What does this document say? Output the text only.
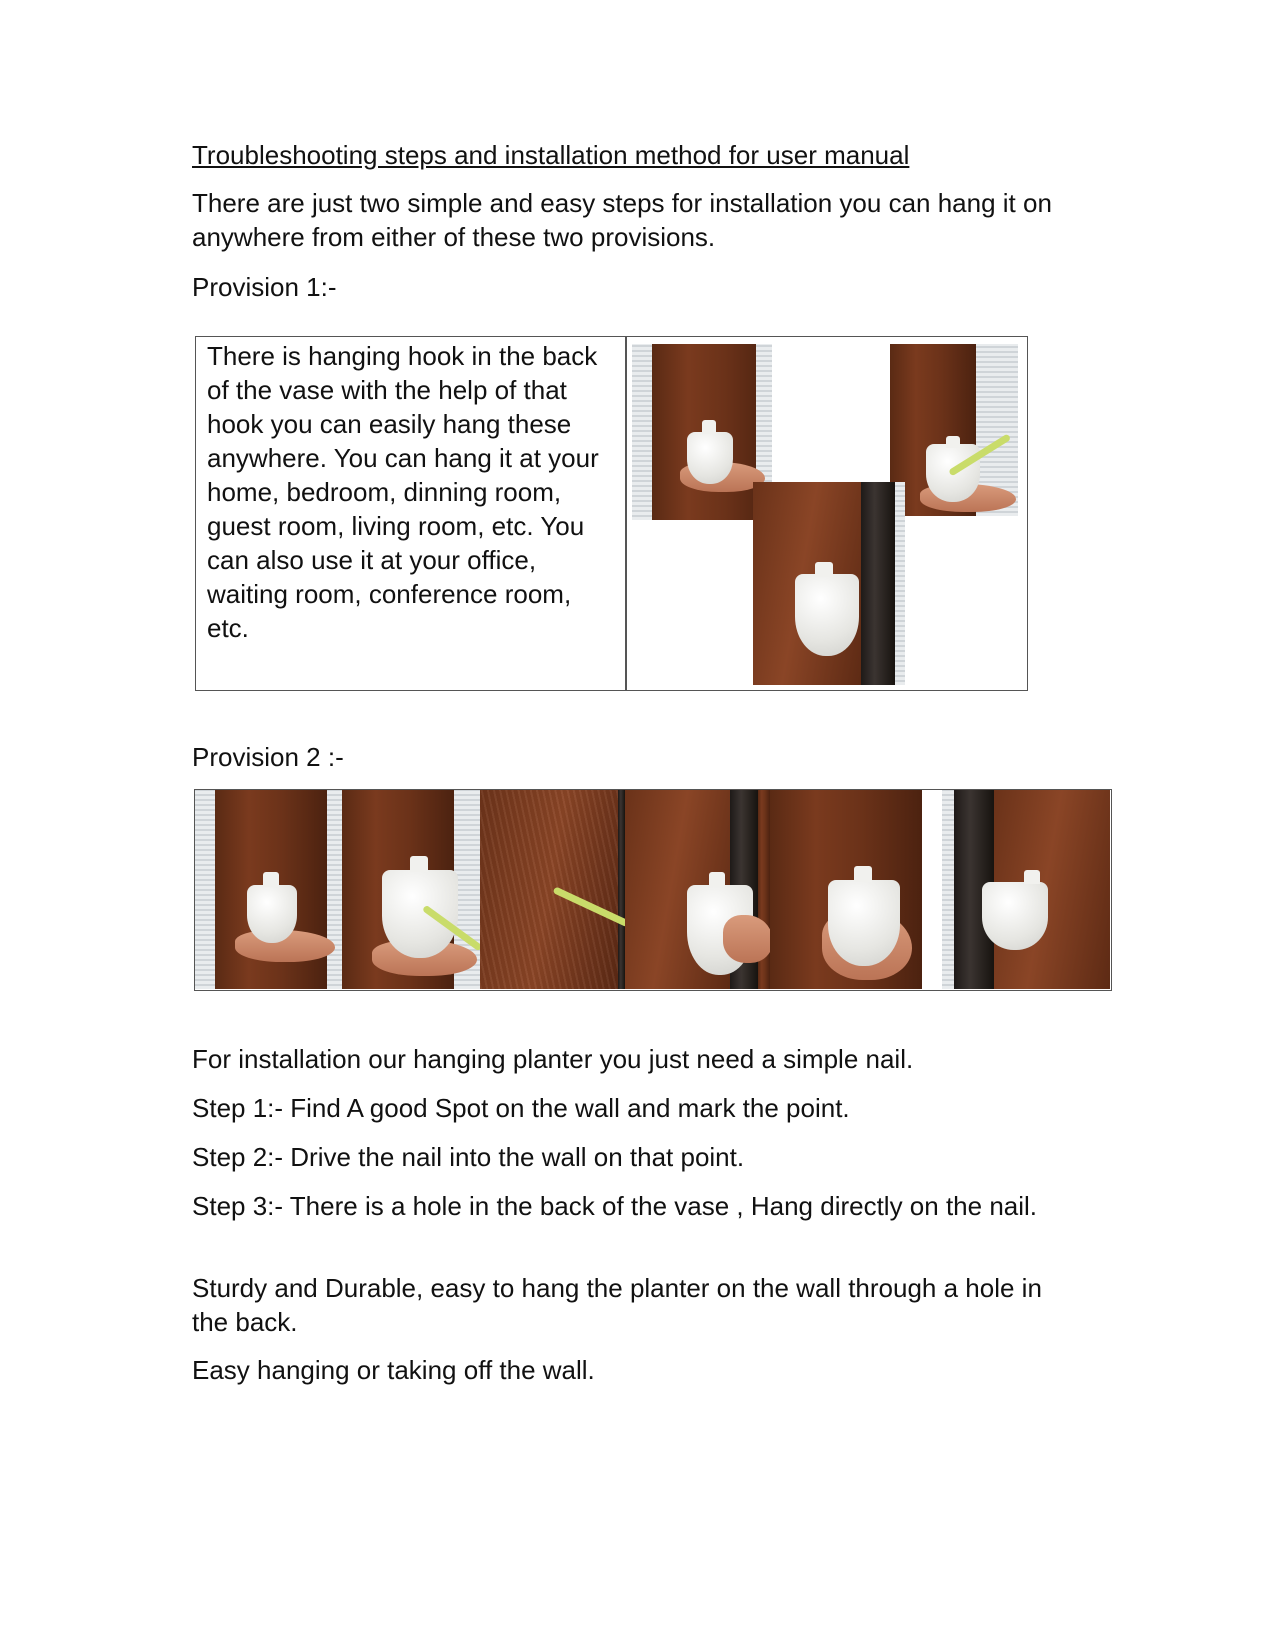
Troubleshooting steps and installation method for user manual
There are just two simple and easy steps for installation you can hang it on anywhere from either of these two provisions.
Provision 1:-
There is hanging hook in the back of the vase with the help of that hook you can easily hang these anywhere. You can hang it at your home, bedroom, dinning room, guest room, living room, etc. You can also use it at your office, waiting room, conference room, etc.
Provision 2 :-
For installation our hanging planter you just need a simple nail.
Step 1:- Find A good Spot on the wall and mark the point.
Step 2:- Drive the nail into the wall on that point.
Step 3:- There is a hole in the back of the vase , Hang directly on the nail.
Sturdy and Durable, easy to hang the planter on the wall through a hole in the back.
Easy hanging or taking off the wall.
